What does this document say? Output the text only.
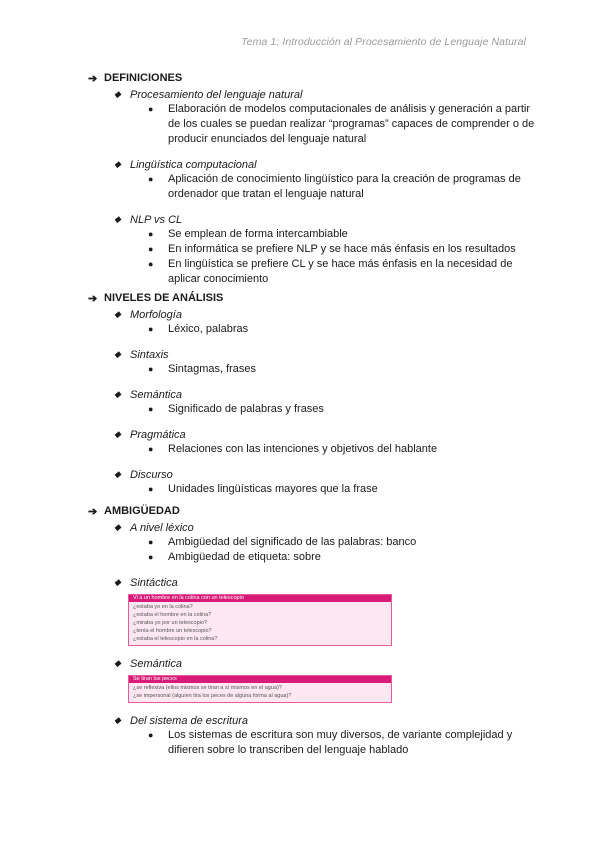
Tema 1: Introducción al Procesamiento de Lenguaje Natural
➔ DEFINICIONES
◆ Procesamiento del lenguaje natural
● Elaboración de modelos computacionales de análisis y generación a partir de los cuales se puedan realizar “programas” capaces de comprender o de producir enunciados del lenguaje natural
◆ Lingüística computacional
● Aplicación de conocimiento lingüístico para la creación de programas de ordenador que tratan el lenguaje natural
◆ NLP vs CL
● Se emplean de forma intercambiable
● En informática se prefiere NLP y se hace más énfasis en los resultados
● En lingüística se prefiere CL y se hace más énfasis en la necesidad de aplicar conocimiento
➔ NIVELES DE ANÁLISIS
◆ Morfología
● Léxico, palabras
◆ Sintaxis
● Sintagmas, frases
◆ Semántica
● Significado de palabras y frases
◆ Pragmática
● Relaciones con las intenciones y objetivos del hablante
◆ Discurso
● Unidades lingüísticas mayores que la frase
➔ AMBIGÜEDAD
◆ A nivel léxico
● Ambigüedad del significado de las palabras: banco
● Ambigüedad de etiqueta: sobre
◆ Sintáctica
Vi a un hombre en la colina con un telescopio
¿estaba yo en la colina?
¿estaba el hombre en la colina?
¿miraba yo por un telescopio?
¿tenía el hombre un telescopio?
¿estaba el telescopio en la colina?
◆ Semántica
Se tiran los peces
¿se reflexiva (ellos mismos se tiran a sí mismos en el agua)?
¿se impersonal (alguien tira los peces de alguna forma al agua)?
◆ Del sistema de escritura
● Los sistemas de escritura son muy diversos, de variante complejidad y difieren sobre lo transcriben del lenguaje hablado
